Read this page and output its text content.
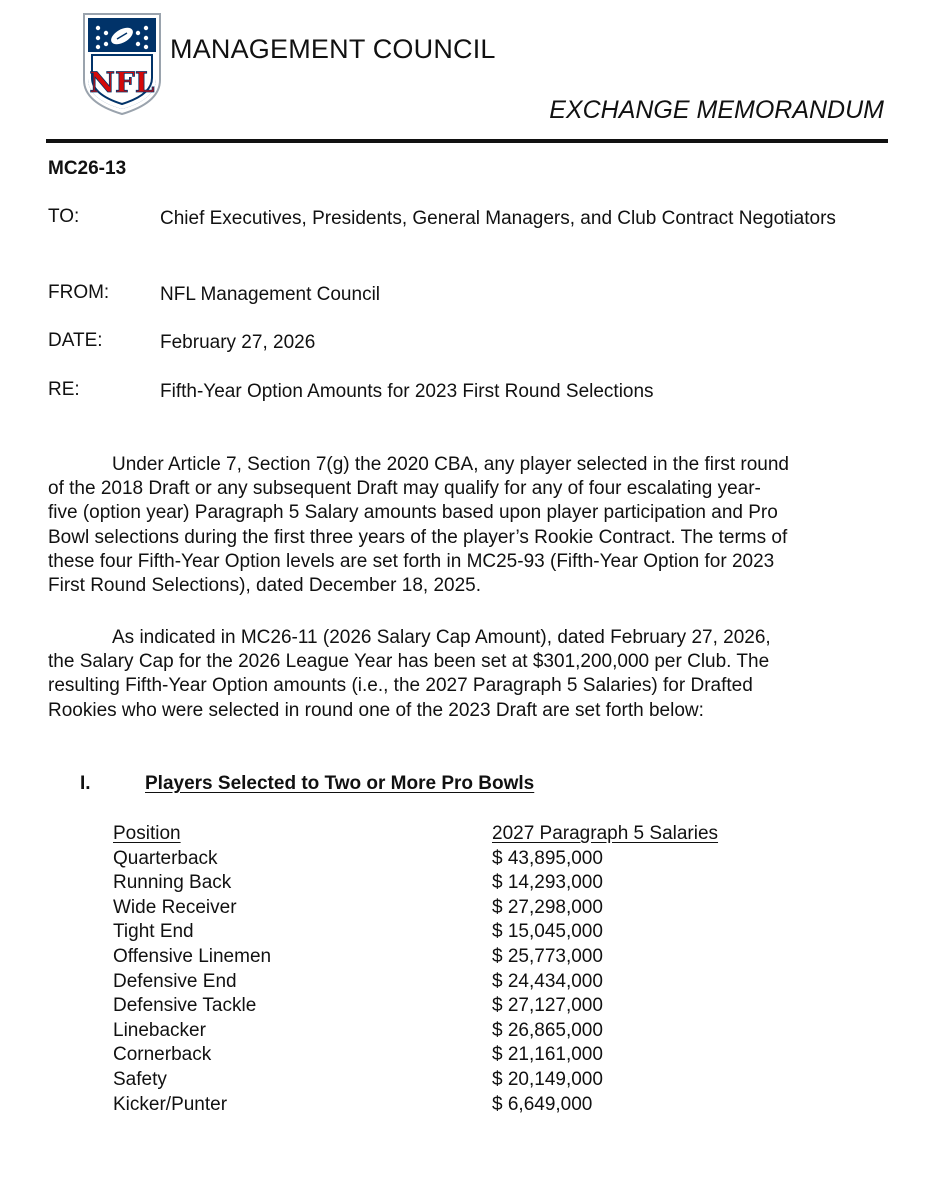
NFL
MANAGEMENT COUNCIL
EXCHANGE MEMORANDUM
MC26-13
TO:	Chief Executives, Presidents, General Managers, and Club Contract Negotiators
FROM:	NFL Management Council
DATE:	February 27, 2026
RE:	Fifth-Year Option Amounts for 2023 First Round Selections
Under Article 7, Section 7(g) the 2020 CBA, any player selected in the first round
of the 2018 Draft or any subsequent Draft may qualify for any of four escalating year-
five (option year) Paragraph 5 Salary amounts based upon player participation and Pro
Bowl selections during the first three years of the player’s Rookie Contract. The terms of
these four Fifth-Year Option levels are set forth in MC25-93 (Fifth-Year Option for 2023
First Round Selections), dated December 18, 2025.
As indicated in MC26-11 (2026 Salary Cap Amount), dated February 27, 2026,
the Salary Cap for the 2026 League Year has been set at $301,200,000 per Club. The
resulting Fifth-Year Option amounts (i.e., the 2027 Paragraph 5 Salaries) for Drafted
Rookies who were selected in round one of the 2023 Draft are set forth below:
I.	Players Selected to Two or More Pro Bowls
Position	2027 Paragraph 5 Salaries
Quarterback	$ 43,895,000
Running Back	$ 14,293,000
Wide Receiver	$ 27,298,000
Tight End	$ 15,045,000
Offensive Linemen	$ 25,773,000
Defensive End	$ 24,434,000
Defensive Tackle	$ 27,127,000
Linebacker	$ 26,865,000
Cornerback	$ 21,161,000
Safety	$ 20,149,000
Kicker/Punter	$ 6,649,000
